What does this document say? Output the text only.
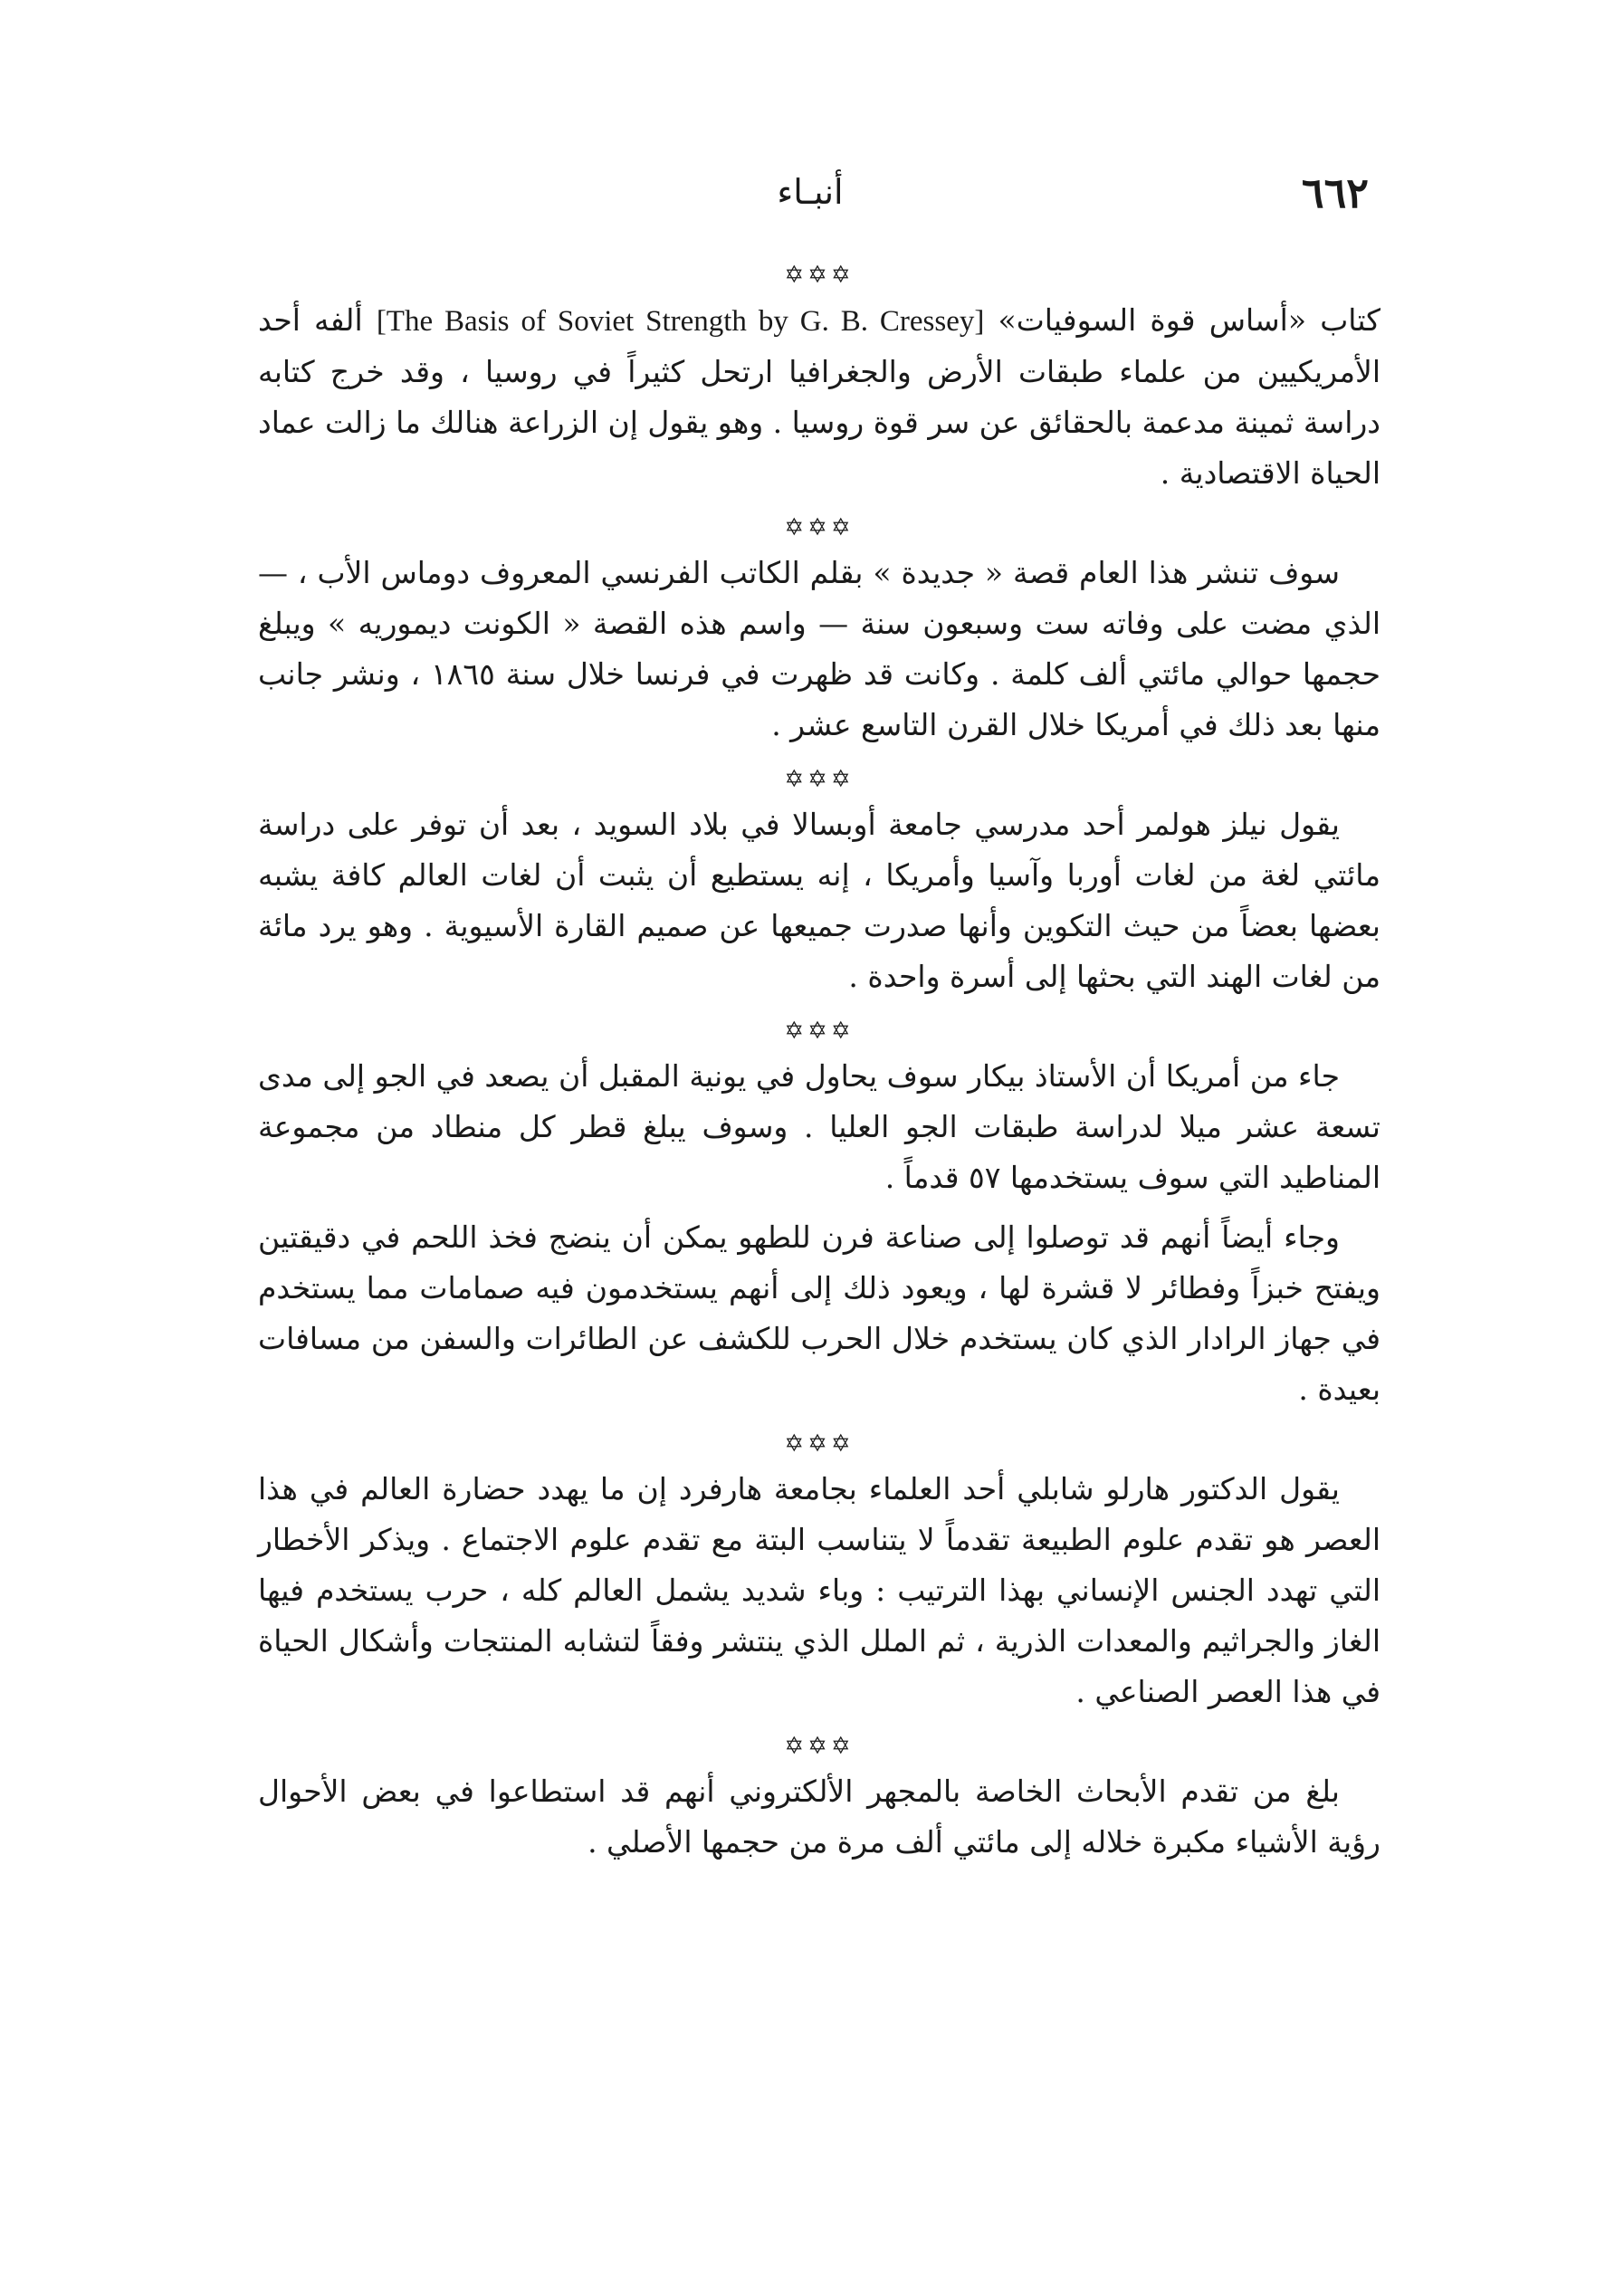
٦٦٢
أنبـاء
✡✡✡

كتاب «أساس قوة السوفيات» [The Basis of Soviet Strength by G. B. Cressey] ألفه أحد الأمريكيين من علماء طبقات الأرض والجغرافيا ارتحل كثيراً في روسيا ، وقد خرج كتابه دراسة ثمينة مدعمة بالحقائق عن سر قوة روسيا . وهو يقول إن الزراعة هنالك ما زالت عماد الحياة الاقتصادية .

✡✡✡

سوف تنشر هذا العام قصة « جديدة » بقلم الكاتب الفرنسي المعروف دوماس الأب ، — الذي مضت على وفاته ست وسبعون سنة — واسم هذه القصة « الكونت ديموريه » ويبلغ حجمها حوالي مائتي ألف كلمة . وكانت قد ظهرت في فرنسا خلال سنة ١٨٦٥ ، ونشر جانب منها بعد ذلك في أمريكا خلال القرن التاسع عشر .

✡✡✡

يقول نيلز هولمر أحد مدرسي جامعة أوبسالا في بلاد السويد ، بعد أن توفر على دراسة مائتي لغة من لغات أوربا وآسيا وأمريكا ، إنه يستطيع أن يثبت أن لغات العالم كافة يشبه بعضها بعضاً من حيث التكوين وأنها صدرت جميعها عن صميم القارة الأسيوية . وهو يرد مائة من لغات الهند التي بحثها إلى أسرة واحدة .

✡✡✡

جاء من أمريكا أن الأستاذ بيكار سوف يحاول في يونية المقبل أن يصعد في الجو إلى مدى تسعة عشر ميلا لدراسة طبقات الجو العليا . وسوف يبلغ قطر كل منطاد من مجموعة المناطيد التي سوف يستخدمها ٥٧ قدماً .

وجاء أيضاً أنهم قد توصلوا إلى صناعة فرن للطهو يمكن أن ينضج فخذ اللحم في دقيقتين ويفتح خبزاً وفطائر لا قشرة لها ، ويعود ذلك إلى أنهم يستخدمون فيه صمامات مما يستخدم في جهاز الرادار الذي كان يستخدم خلال الحرب للكشف عن الطائرات والسفن من مسافات بعيدة .

✡✡✡

يقول الدكتور هارلو شابلي أحد العلماء بجامعة هارفرد إن ما يهدد حضارة العالم في هذا العصر هو تقدم علوم الطبيعة تقدماً لا يتناسب البتة مع تقدم علوم الاجتماع . ويذكر الأخطار التي تهدد الجنس الإنساني بهذا الترتيب : وباء شديد يشمل العالم كله ، حرب يستخدم فيها الغاز والجراثيم والمعدات الذرية ، ثم الملل الذي ينتشر وفقاً لتشابه المنتجات وأشكال الحياة في هذا العصر الصناعي .

✡✡✡

بلغ من تقدم الأبحاث الخاصة بالمجهر الألكتروني أنهم قد استطاعوا في بعض الأحوال رؤية الأشياء مكبرة خلاله إلى مائتي ألف مرة من حجمها الأصلي .
